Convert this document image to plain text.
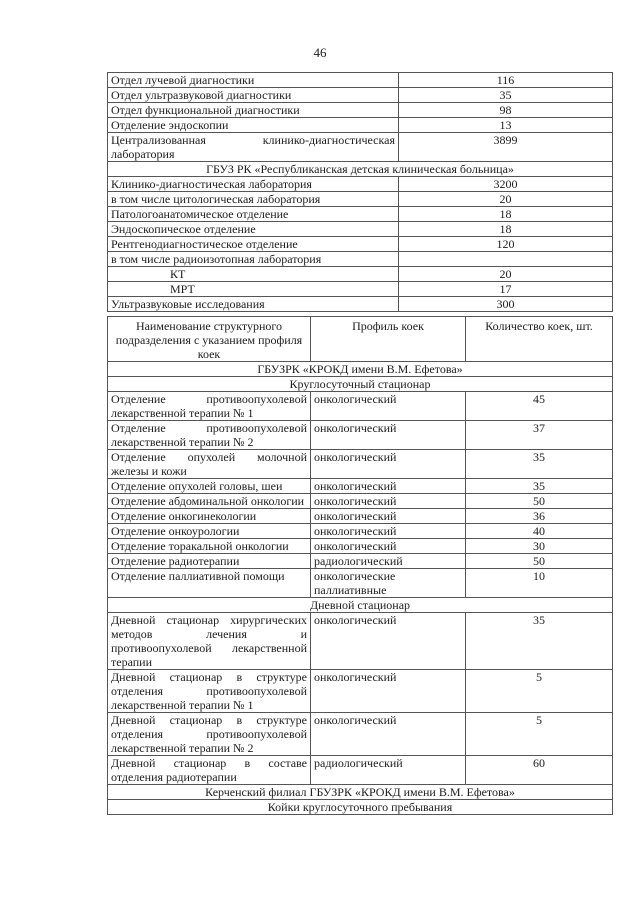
46
Отдел лучевой диагностики	116
Отдел ультразвуковой диагностики	35
Отдел функциональной диагностики	98
Отделение эндоскопии	13
Централизованная клинико-диагностическая лаборатория	3899
ГБУЗ РК «Республиканская детская клиническая больница»	
Клинико-диагностическая лаборатория	3200
в том числе цитологическая лаборатория	20
Патологоанатомическое отделение	18
Эндоскопическое отделение	18
Рентгенодиагностическое отделение	120
в том числе радиоизотопная лаборатория	
КТ	20
МРТ	17
Ультразвуковые исследования	300
Наименование структурного подразделения с указанием профиля коек	Профиль коек	Количество коек, шт.
ГБУЗРК «КРОКД имени В.М. Ефетова»		
Круглосуточный стационар		
Отделение противоопухолевой лекарственной терапии № 1	онкологический	45
Отделение противоопухолевой лекарственной терапии № 2	онкологический	37
Отделение опухолей молочной железы и кожи	онкологический	35
Отделение опухолей головы, шеи	онкологический	35
Отделение абдоминальной онкологии	онкологический	50
Отделение онкогинекологии	онкологический	36
Отделение онкоурологии	онкологический	40
Отделение торакальной онкологии	онкологический	30
Отделение радиотерапии	радиологический	50
Отделение паллиативной помощи	онкологические паллиативные	10
Дневной стационар		
Дневной стационар хирургических методов лечения и противоопухолевой лекарственной терапии	онкологический	35
Дневной стационар в структуре отделения противоопухолевой лекарственной терапии № 1	онкологический	5
Дневной стационар в структуре отделения противоопухолевой лекарственной терапии № 2	онкологический	5
Дневной стационар в составе отделения радиотерапии	радиологический	60
Керченский филиал ГБУЗРК «КРОКД имени В.М. Ефетова»		
Койки круглосуточного пребывания		
